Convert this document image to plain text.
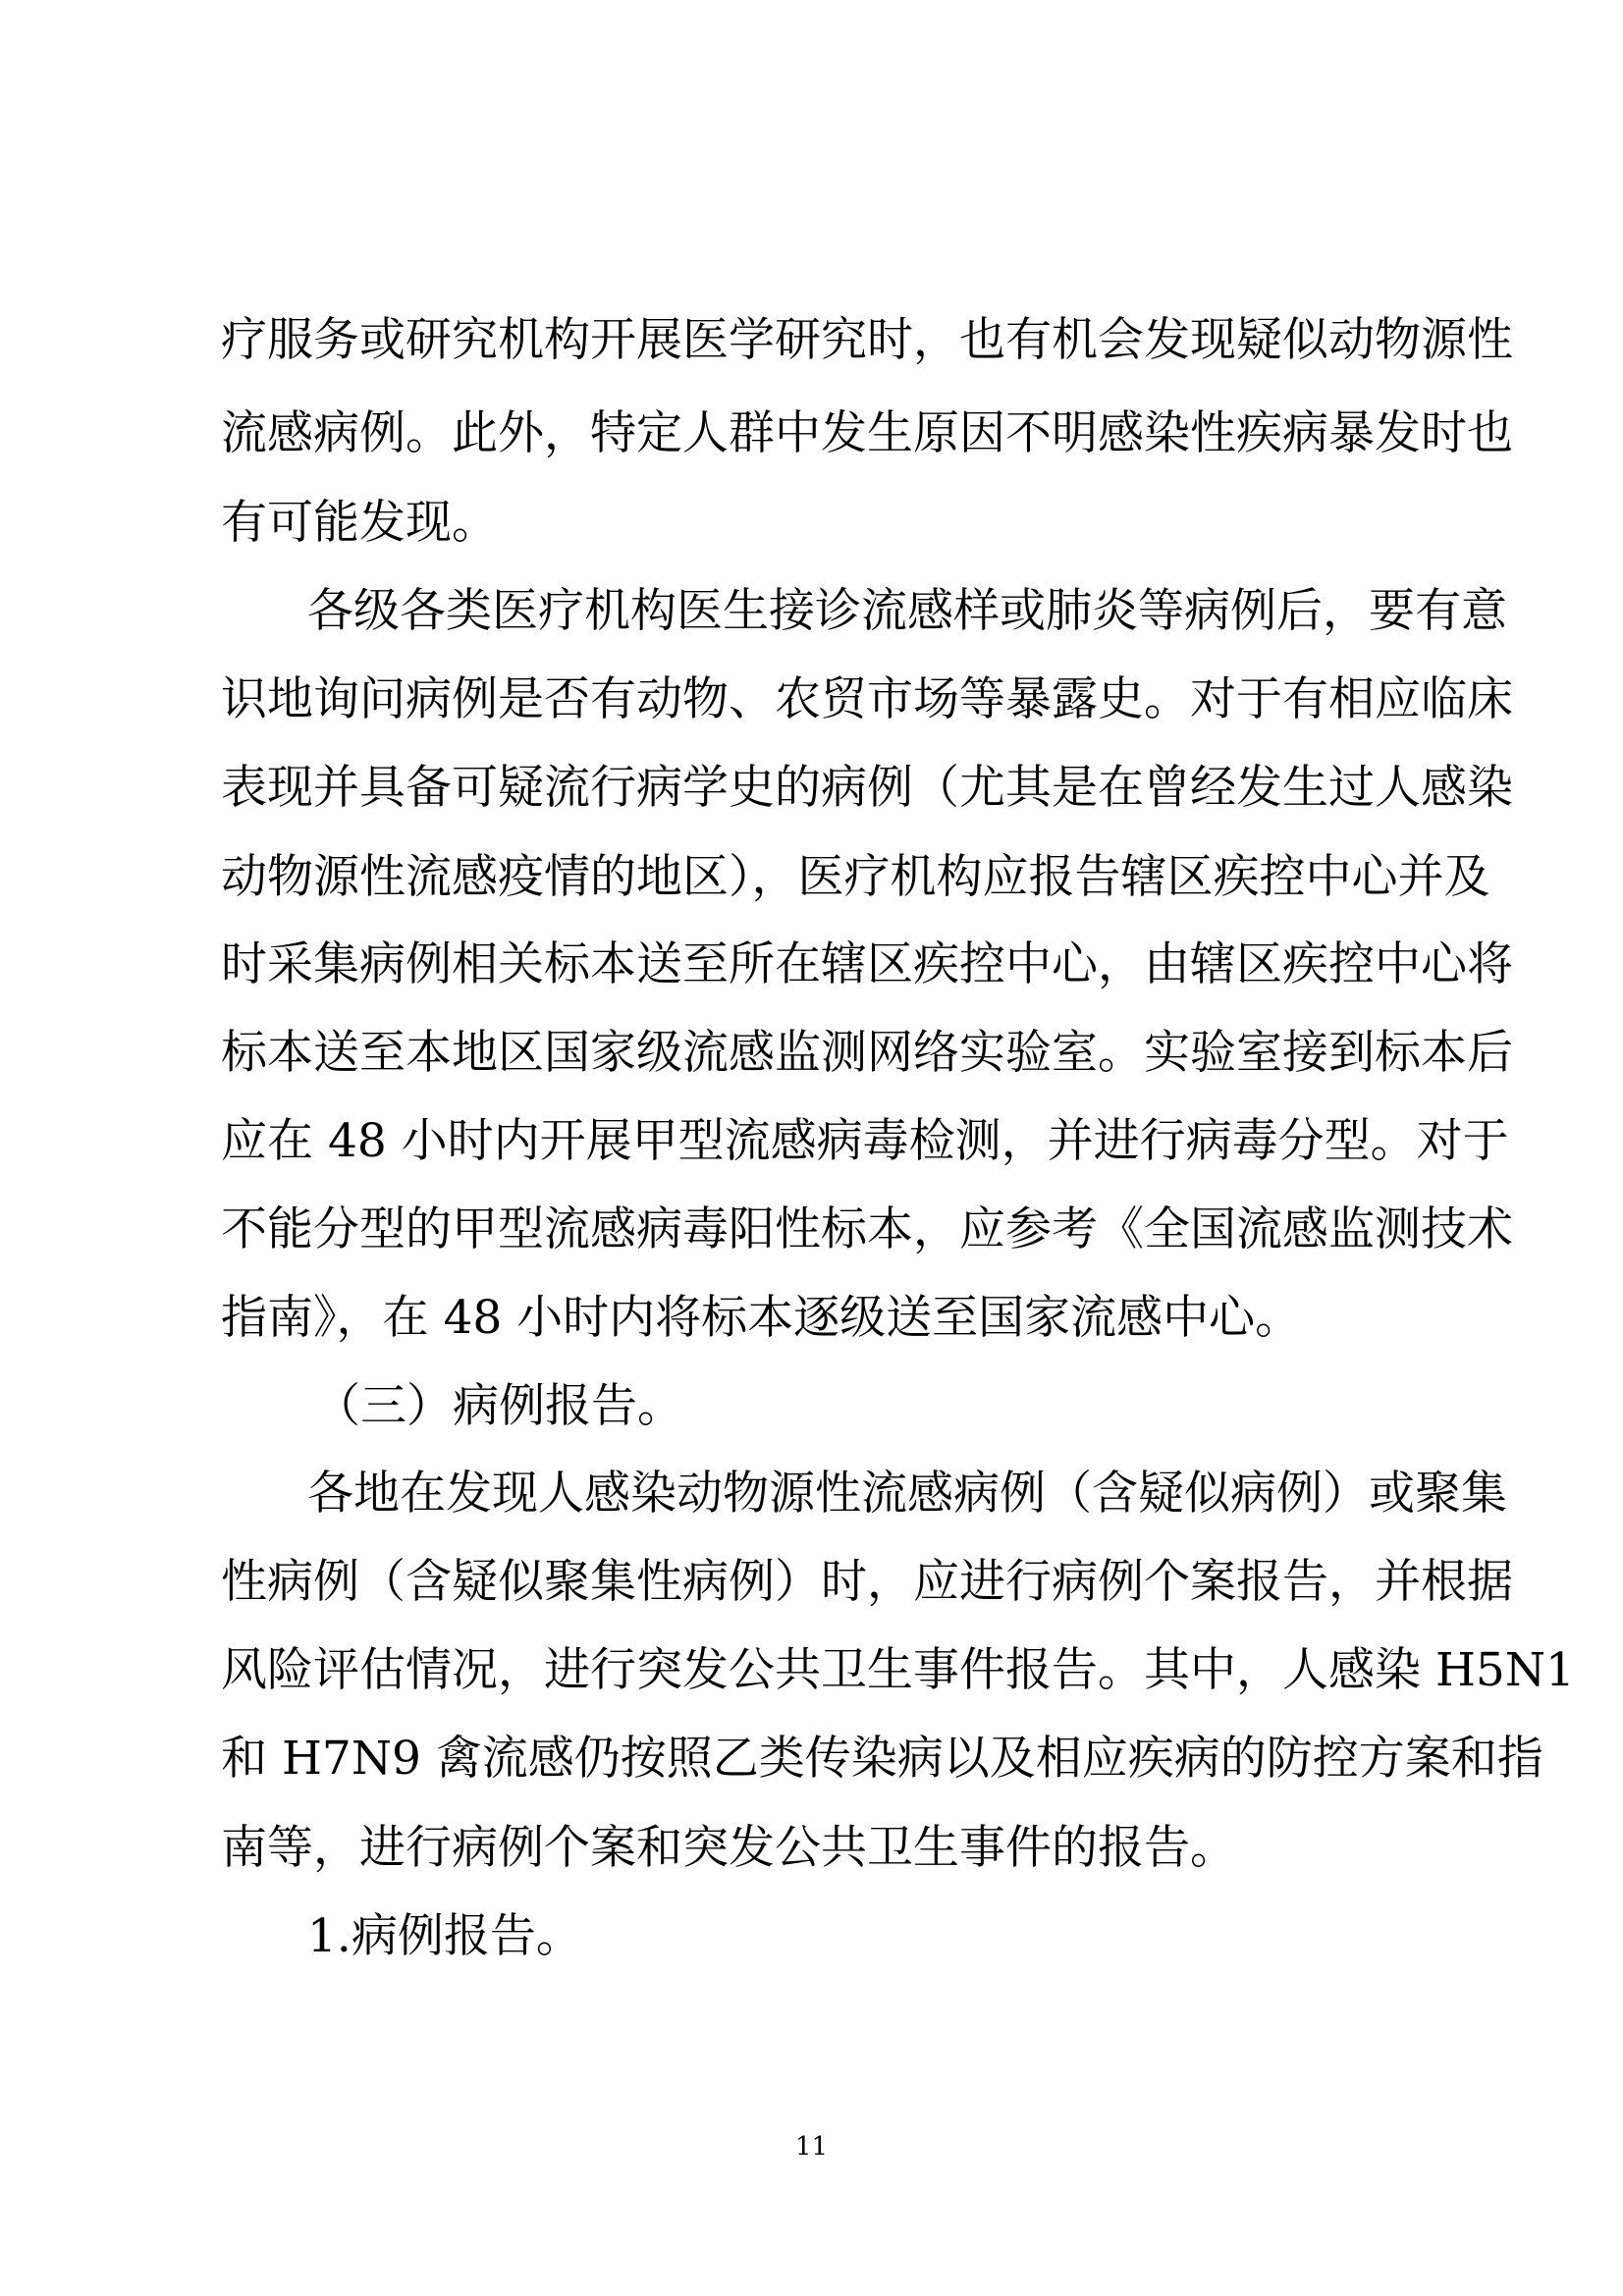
疗服务或研究机构开展医学研究时，也有机会发现疑似动物源性
流感病例。此外，特定人群中发生原因不明感染性疾病暴发时也
有可能发现。
各级各类医疗机构医生接诊流感样或肺炎等病例后，要有意
识地询问病例是否有动物、农贸市场等暴露史。对于有相应临床
表现并具备可疑流行病学史的病例（尤其是在曾经发生过人感染
动物源性流感疫情的地区），医疗机构应报告辖区疾控中心并及
时采集病例相关标本送至所在辖区疾控中心，由辖区疾控中心将
标本送至本地区国家级流感监测网络实验室。实验室接到标本后
应在 48 小时内开展甲型流感病毒检测，并进行病毒分型。对于
不能分型的甲型流感病毒阳性标本，应参考《全国流感监测技术
指南》，在 48 小时内将标本逐级送至国家流感中心。
（三）病例报告。
各地在发现人感染动物源性流感病例（含疑似病例）或聚集
性病例（含疑似聚集性病例）时，应进行病例个案报告，并根据
风险评估情况，进行突发公共卫生事件报告。其中，人感染 H5N1
和 H7N9 禽流感仍按照乙类传染病以及相应疾病的防控方案和指
南等，进行病例个案和突发公共卫生事件的报告。
1.病例报告。
11
